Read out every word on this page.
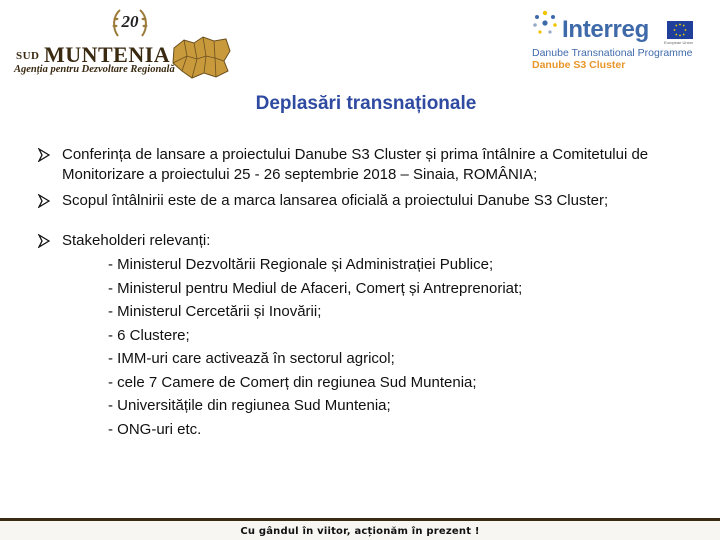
20
SUD MUNTENIA
Agenția pentru Dezvoltare Regională
Interreg	European Union
Danube Transnational Programme
Danube S3 Cluster
Deplasări transnaționale
Conferința de lansare a proiectului Danube S3 Cluster și prima întâlnire a Comitetului de Monitorizare a proiectului 25 - 26 septembrie 2018 – Sinaia, ROMÂNIA;
Scopul întâlnirii este de a marca lansarea oficială a proiectului Danube S3 Cluster;
Stakeholderi relevanți:
- Ministerul Dezvoltării Regionale și Administrației Publice;
- Ministerul pentru Mediul de Afaceri, Comerț și Antreprenoriat;
- Ministerul Cercetării și Inovării;
- 6 Clustere;
- IMM-uri care activează în sectorul agricol;
- cele 7 Camere de Comerț din regiunea Sud Muntenia;
- Universitățile din regiunea Sud Muntenia;
- ONG-uri etc.
Cu gândul în viitor, acționăm în prezent !
